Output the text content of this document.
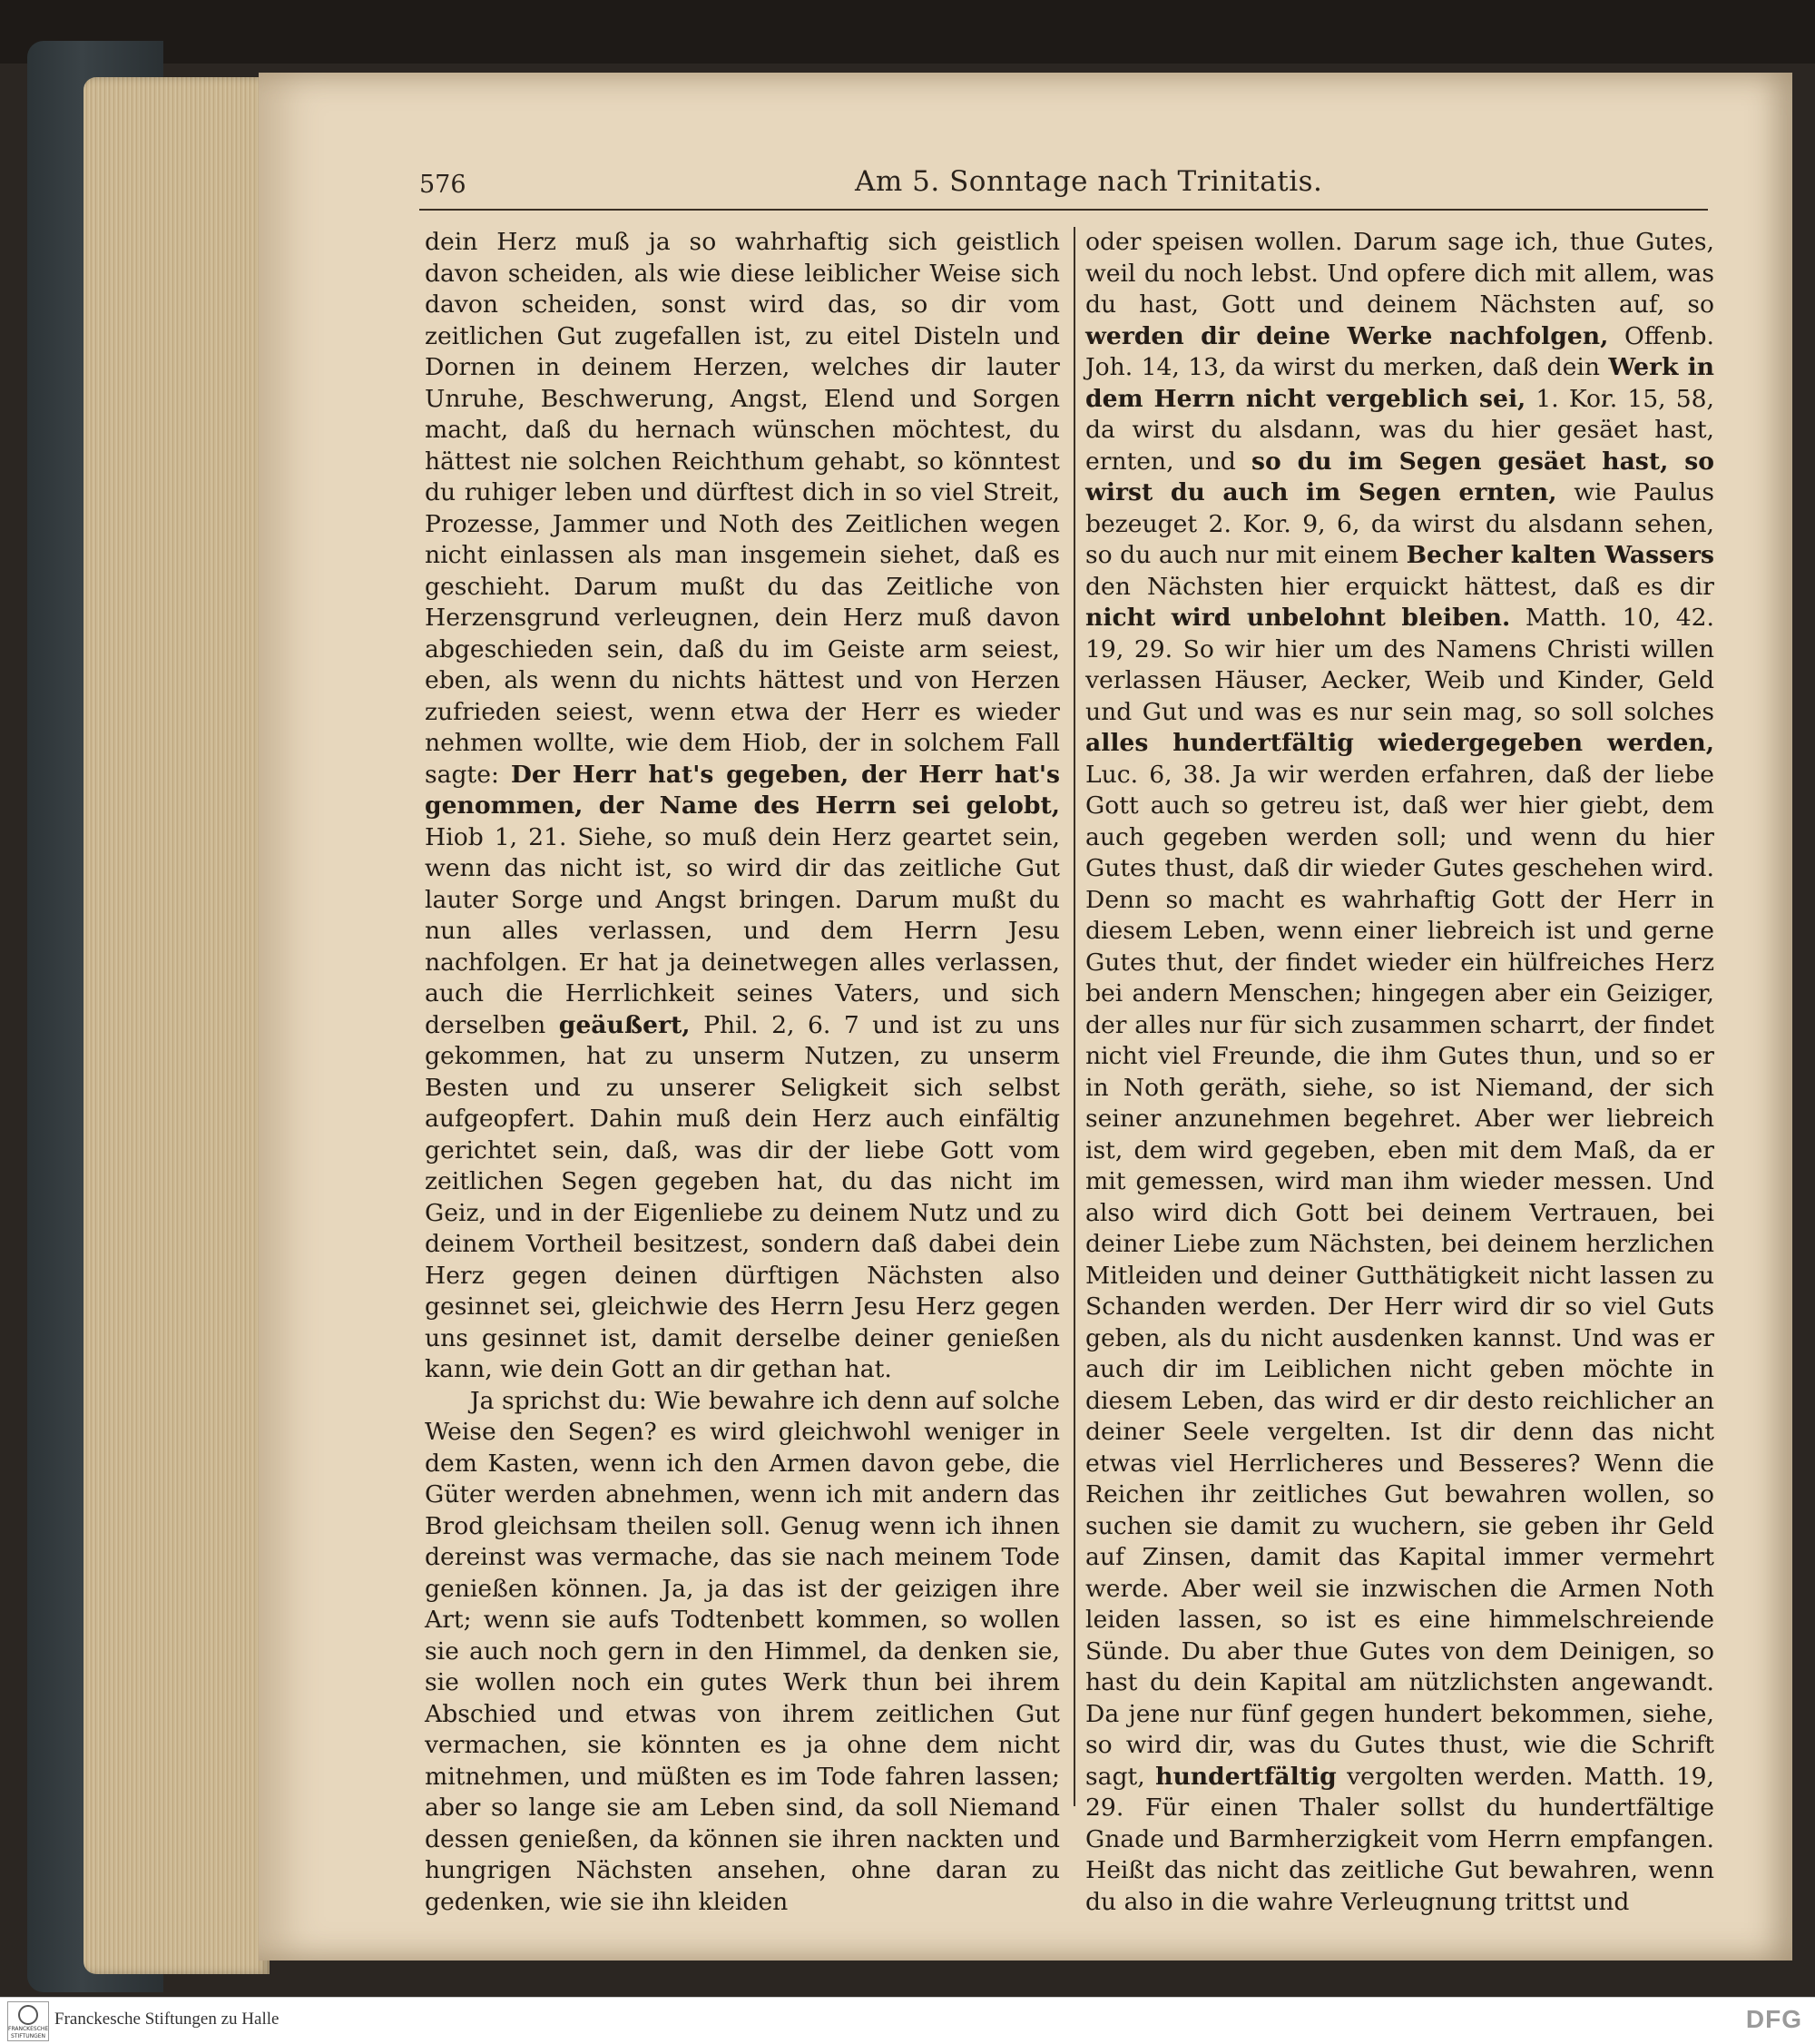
576	Am 5. Sonntage nach Trinitatis.

dein Herz muß ja so wahrhaftig sich geistlich davon scheiden, als wie diese leiblicher Weise sich davon scheiden, sonst wird das, so dir vom zeitlichen Gut zugefallen ist, zu eitel Disteln und Dornen in deinem Herzen, welches dir lauter Unruhe, Beschwerung, Angst, Elend und Sorgen macht, daß du hernach wünschen möchtest, du hättest nie solchen Reichthum gehabt, so könntest du ruhiger leben und dürftest dich in so viel Streit, Prozesse, Jammer und Noth des Zeitlichen wegen nicht einlassen als man insgemein siehet, daß es geschieht. Darum mußt du das Zeitliche von Herzensgrund verleugnen, dein Herz muß davon abgeschieden sein, daß du im Geiste arm seiest, eben, als wenn du nichts hättest und von Herzen zufrieden seiest, wenn etwa der Herr es wieder nehmen wollte, wie dem Hiob, der in solchem Fall sagte: Der Herr hat's gegeben, der Herr hat's genommen, der Name des Herrn sei gelobt, Hiob 1, 21. Siehe, so muß dein Herz geartet sein, wenn das nicht ist, so wird dir das zeitliche Gut lauter Sorge und Angst bringen. Darum mußt du nun alles verlassen, und dem Herrn Jesu nachfolgen. Er hat ja deinetwegen alles verlassen, auch die Herrlichkeit seines Vaters, und sich derselben geäußert, Phil. 2, 6. 7 und ist zu uns gekommen, hat zu unserm Nutzen, zu unserm Besten und zu unserer Seligkeit sich selbst aufgeopfert. Dahin muß dein Herz auch einfältig gerichtet sein, daß, was dir der liebe Gott vom zeitlichen Segen gegeben hat, du das nicht im Geiz, und in der Eigenliebe zu deinem Nutz und zu deinem Vortheil besitzest, sondern daß dabei dein Herz gegen deinen dürftigen Nächsten also gesinnet sei, gleichwie des Herrn Jesu Herz gegen uns gesinnet ist, damit derselbe deiner genießen kann, wie dein Gott an dir gethan hat.

Ja sprichst du: Wie bewahre ich denn auf solche Weise den Segen? es wird gleichwohl weniger in dem Kasten, wenn ich den Armen davon gebe, die Güter werden abnehmen, wenn ich mit andern das Brod gleichsam theilen soll. Genug wenn ich ihnen dereinst was vermache, das sie nach meinem Tode genießen können. Ja, ja das ist der geizigen ihre Art; wenn sie aufs Todtenbett kommen, so wollen sie auch noch gern in den Himmel, da denken sie, sie wollen noch ein gutes Werk thun bei ihrem Abschied und etwas von ihrem zeitlichen Gut vermachen, sie könnten es ja ohne dem nicht mitnehmen, und müßten es im Tode fahren lassen; aber so lange sie am Leben sind, da soll Niemand dessen genießen, da können sie ihren nackten und hungrigen Nächsten ansehen, ohne daran zu gedenken, wie sie ihn kleiden

oder speisen wollen. Darum sage ich, thue Gutes, weil du noch lebst. Und opfere dich mit allem, was du hast, Gott und deinem Nächsten auf, so werden dir deine Werke nachfolgen, Offenb. Joh. 14, 13, da wirst du merken, daß dein Werk in dem Herrn nicht vergeblich sei, 1. Kor. 15, 58, da wirst du alsdann, was du hier gesäet hast, ernten, und so du im Segen gesäet hast, so wirst du auch im Segen ernten, wie Paulus bezeuget 2. Kor. 9, 6, da wirst du alsdann sehen, so du auch nur mit einem Becher kalten Wassers den Nächsten hier erquickt hättest, daß es dir nicht wird unbelohnt bleiben. Matth. 10, 42. 19, 29. So wir hier um des Namens Christi willen verlassen Häuser, Aecker, Weib und Kinder, Geld und Gut und was es nur sein mag, so soll solches alles hundertfältig wiedergegeben werden, Luc. 6, 38. Ja wir werden erfahren, daß der liebe Gott auch so getreu ist, daß wer hier giebt, dem auch gegeben werden soll; und wenn du hier Gutes thust, daß dir wieder Gutes geschehen wird. Denn so macht es wahrhaftig Gott der Herr in diesem Leben, wenn einer liebreich ist und gerne Gutes thut, der findet wieder ein hülfreiches Herz bei andern Menschen; hingegen aber ein Geiziger, der alles nur für sich zusammen scharrt, der findet nicht viel Freunde, die ihm Gutes thun, und so er in Noth geräth, siehe, so ist Niemand, der sich seiner anzunehmen begehret. Aber wer liebreich ist, dem wird gegeben, eben mit dem Maß, da er mit gemessen, wird man ihm wieder messen. Und also wird dich Gott bei deinem Vertrauen, bei deiner Liebe zum Nächsten, bei deinem herzlichen Mitleiden und deiner Gutthätigkeit nicht lassen zu Schanden werden. Der Herr wird dir so viel Guts geben, als du nicht ausdenken kannst. Und was er auch dir im Leiblichen nicht geben möchte in diesem Leben, das wird er dir desto reichlicher an deiner Seele vergelten. Ist dir denn das nicht etwas viel Herrlicheres und Besseres? Wenn die Reichen ihr zeitliches Gut bewahren wollen, so suchen sie damit zu wuchern, sie geben ihr Geld auf Zinsen, damit das Kapital immer vermehrt werde. Aber weil sie inzwischen die Armen Noth leiden lassen, so ist es eine himmelschreiende Sünde. Du aber thue Gutes von dem Deinigen, so hast du dein Kapital am nützlichsten angewandt. Da jene nur fünf gegen hundert bekommen, siehe, so wird dir, was du Gutes thust, wie die Schrift sagt, hundertfältig vergolten werden. Matth. 19, 29. Für einen Thaler sollst du hundertfältige Gnade und Barmherzigkeit vom Herrn empfangen. Heißt das nicht das zeitliche Gut bewahren, wenn du also in die wahre Verleugnung trittst und

FRANCKESCHE STIFTUNGEN
Franckesche Stiftungen zu Halle	DFG
